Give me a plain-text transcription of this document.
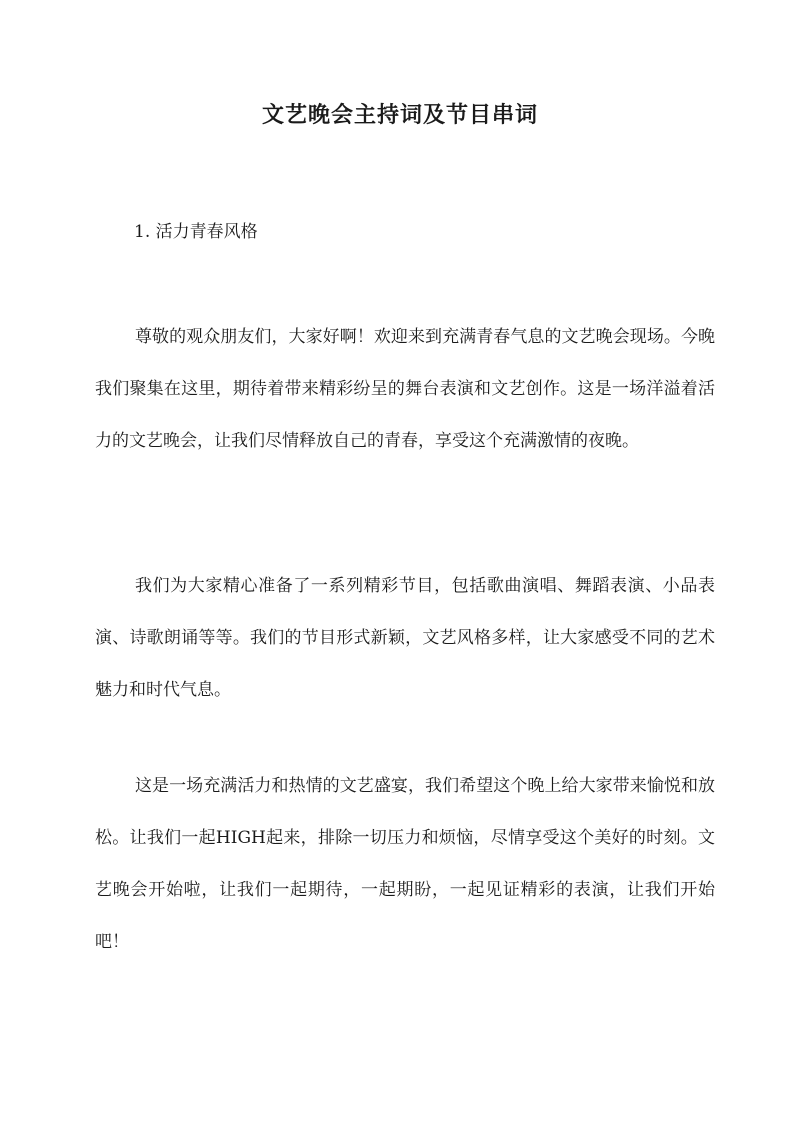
文艺晚会主持词及节目串词
1. 活力青春风格

尊敬的观众朋友们，大家好啊！欢迎来到充满青春气息的文艺晚会现场。今晚我们聚集在这里，期待着带来精彩纷呈的舞台表演和文艺创作。这是一场洋溢着活力的文艺晚会，让我们尽情释放自己的青春，享受这个充满激情的夜晚。

我们为大家精心准备了一系列精彩节目，包括歌曲演唱、舞蹈表演、小品表演、诗歌朗诵等等。我们的节目形式新颖，文艺风格多样，让大家感受不同的艺术魅力和时代气息。

这是一场充满活力和热情的文艺盛宴，我们希望这个晚上给大家带来愉悦和放松。让我们一起HIGH起来，排除一切压力和烦恼，尽情享受这个美好的时刻。文艺晚会开始啦，让我们一起期待，一起期盼，一起见证精彩的表演，让我们开始吧！
